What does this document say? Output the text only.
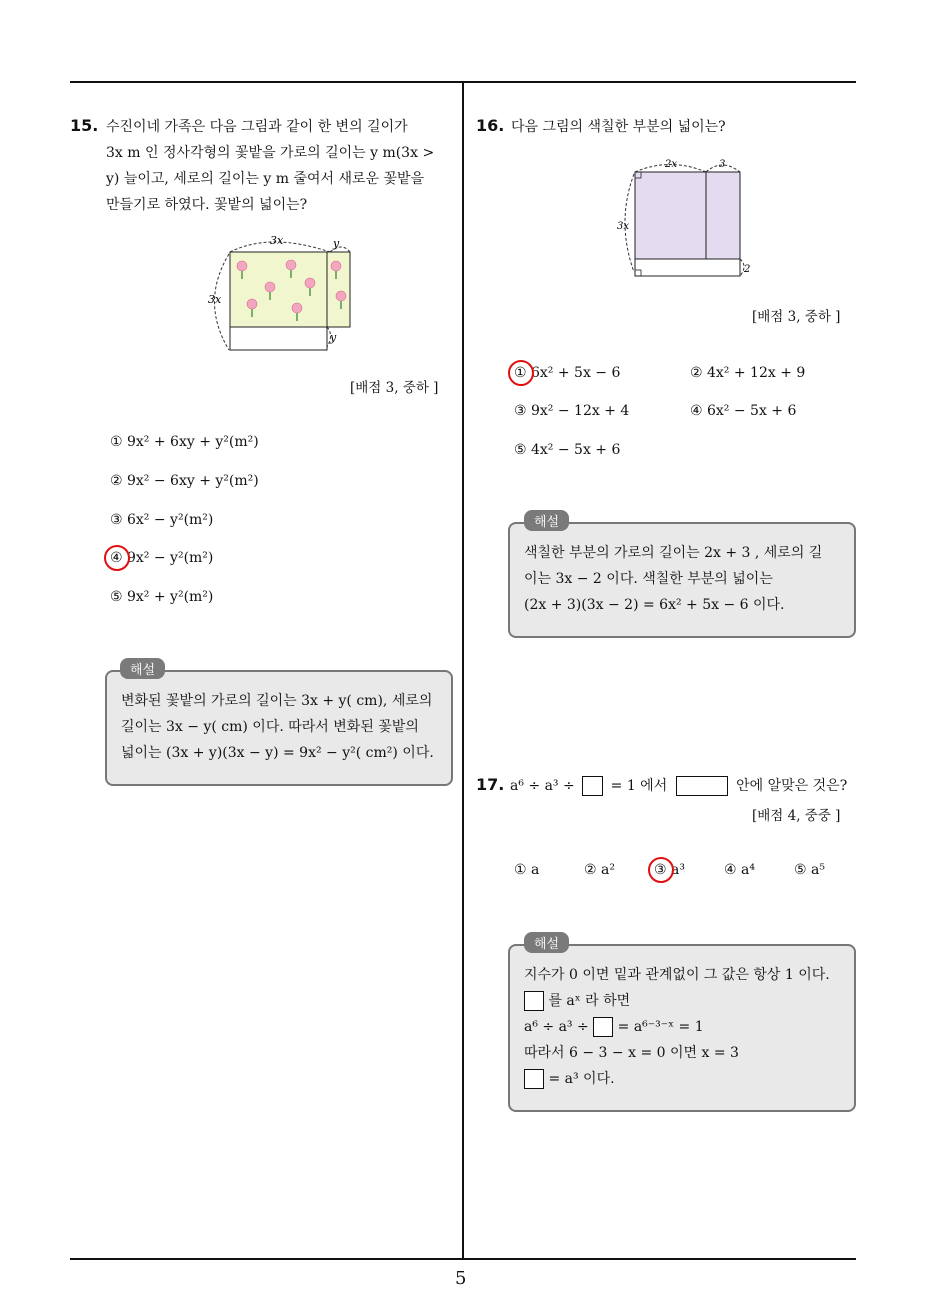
5
15. 수진이네 가족은 다음 그림과 같이 한 변의 길이가
3x m 인 정사각형의 꽃밭을 가로의 길이는 y m(3x >
y) 늘이고, 세로의 길이는 y m 줄여서 새로운 꽃밭을
만들기로 하였다. 꽃밭의 넓이는?
3x	y
3x
y
[배점 3, 중하 ]
① 9x² + 6xy + y²(m²)
② 9x² − 6xy + y²(m²)
③ 6x² − y²(m²)
④ 9x² − y²(m²)
⑤ 9x² + y²(m²)
변화된 꽃밭의 가로의 길이는 3x + y( cm), 세로의
길이는 3x − y( cm) 이다. 따라서 변화된 꽃밭의
넓이는 (3x + y)(3x − y) = 9x² − y²( cm²) 이다.
해설
16. 다음 그림의 색칠한 부분의 넓이는?
2x	3
3x
2
[배점 3, 중하 ]
① 6x² + 5x − 6	② 4x² + 12x + 9
③ 9x² − 12x + 4	④ 6x² − 5x + 6
⑤ 4x² − 5x + 6
색칠한 부분의 가로의 길이는 2x + 3 , 세로의 길
이는 3x − 2 이다. 색칠한 부분의 넓이는
(2x + 3)(3x − 2) = 6x² + 5x − 6 이다.
해설
17. a⁶ ÷ a³ ÷	= 1 에서	안에 알맞은 것은?
[배점 4, 중중 ]
① a	② a²	③ a³	④ a⁴	⑤ a⁵
지수가 0 이면 밑과 관계없이 그 값은 항상 1 이다.
를 aˣ 라 하면
a⁶ ÷ a³ ÷ = a⁶⁻³⁻ˣ = 1
따라서 6 − 3 − x = 0 이면 x = 3
= a³ 이다.
해설
